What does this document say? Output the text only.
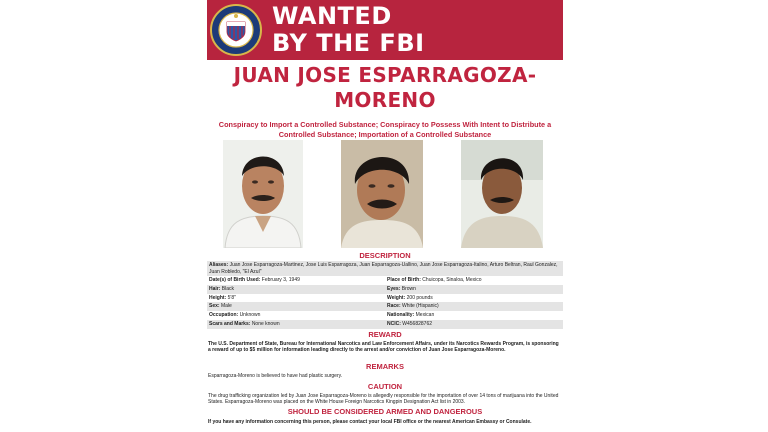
WANTED
BY THE FBI
JUAN JOSE ESPARRAGOZA-MORENO
Conspiracy to Import a Controlled Substance; Conspiracy to Possess With Intent to Distribute a Controlled Substance; Importation of a Controlled Substance
DESCRIPTION
Aliases: Juan Jose Esparragoza-Martinez, Jose Luis Esparragoza, Juan Esparragoza-Uallino, Juan Jose Esparragoza-Italino, Arturo Beltran, Raul Gonzalez, Juan Robledo, "El Azul"
Date(s) of Birth Used: February 3, 1949	Place of Birth: Chuicopa, Sinaloa, Mexico
Hair: Black	Eyes: Brown
Height: 5'8"	Weight: 200 pounds
Sex: Male	Race: White (Hispanic)
Occupation: Unknown	Nationality: Mexican
Scars and Marks: None known	NCIC: W456828762
REWARD
The U.S. Department of State, Bureau for International Narcotics and Law Enforcement Affairs, under its Narcotics Rewards Program, is sponsoring a reward of up to $5 million for information leading directly to the arrest and/or conviction of Juan Jose Esparragoza-Moreno.
REMARKS
Esparragoza-Moreno is believed to have had plastic surgery.
CAUTION
The drug trafficking organization led by Juan Jose Esparragoza-Moreno is allegedly responsible for the importation of over 14 tons of marijuana into the United States. Esparragoza-Moreno was placed on the White House Foreign Narcotics Kingpin Designation Act list in 2003.
SHOULD BE CONSIDERED ARMED AND DANGEROUS
If you have any information concerning this person, please contact your local FBI office or the nearest American Embassy or Consulate.
